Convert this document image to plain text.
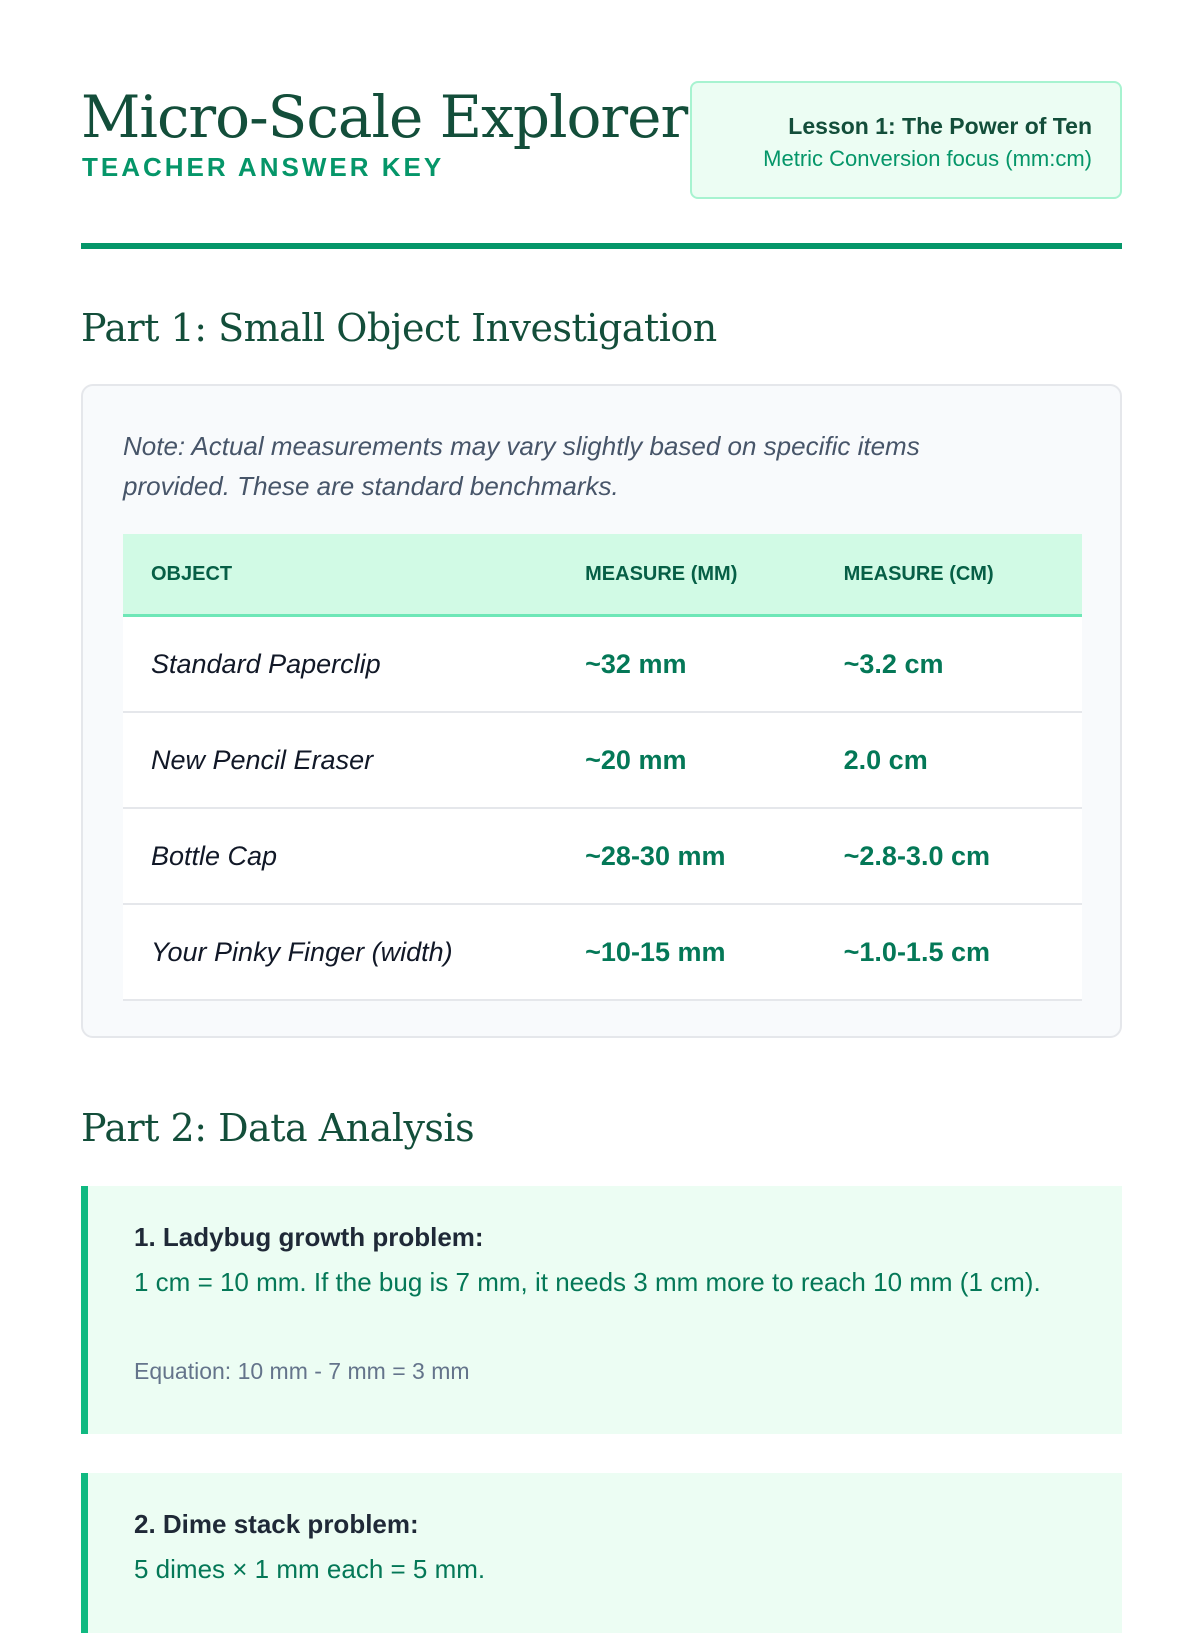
Micro-Scale Explorer
TEACHER ANSWER KEY
Lesson 1: The Power of Ten
Metric Conversion focus (mm:cm)
Part 1: Small Object Investigation

Note: Actual measurements may vary slightly based on specific items provided. These are standard benchmarks.

OBJECT	MEASURE (MM)	MEASURE (CM)
Standard Paperclip	~32 mm	~3.2 cm
New Pencil Eraser	~20 mm	2.0 cm
Bottle Cap	~28-30 mm	~2.8-3.0 cm
Your Pinky Finger (width)	~10-15 mm	~1.0-1.5 cm
Part 2: Data Analysis
1. Ladybug growth problem:
1 cm = 10 mm. If the bug is 7 mm, it needs 3 mm more to reach 10 mm (1 cm).
Equation: 10 mm - 7 mm = 3 mm
2. Dime stack problem:
5 dimes × 1 mm each = 5 mm.
